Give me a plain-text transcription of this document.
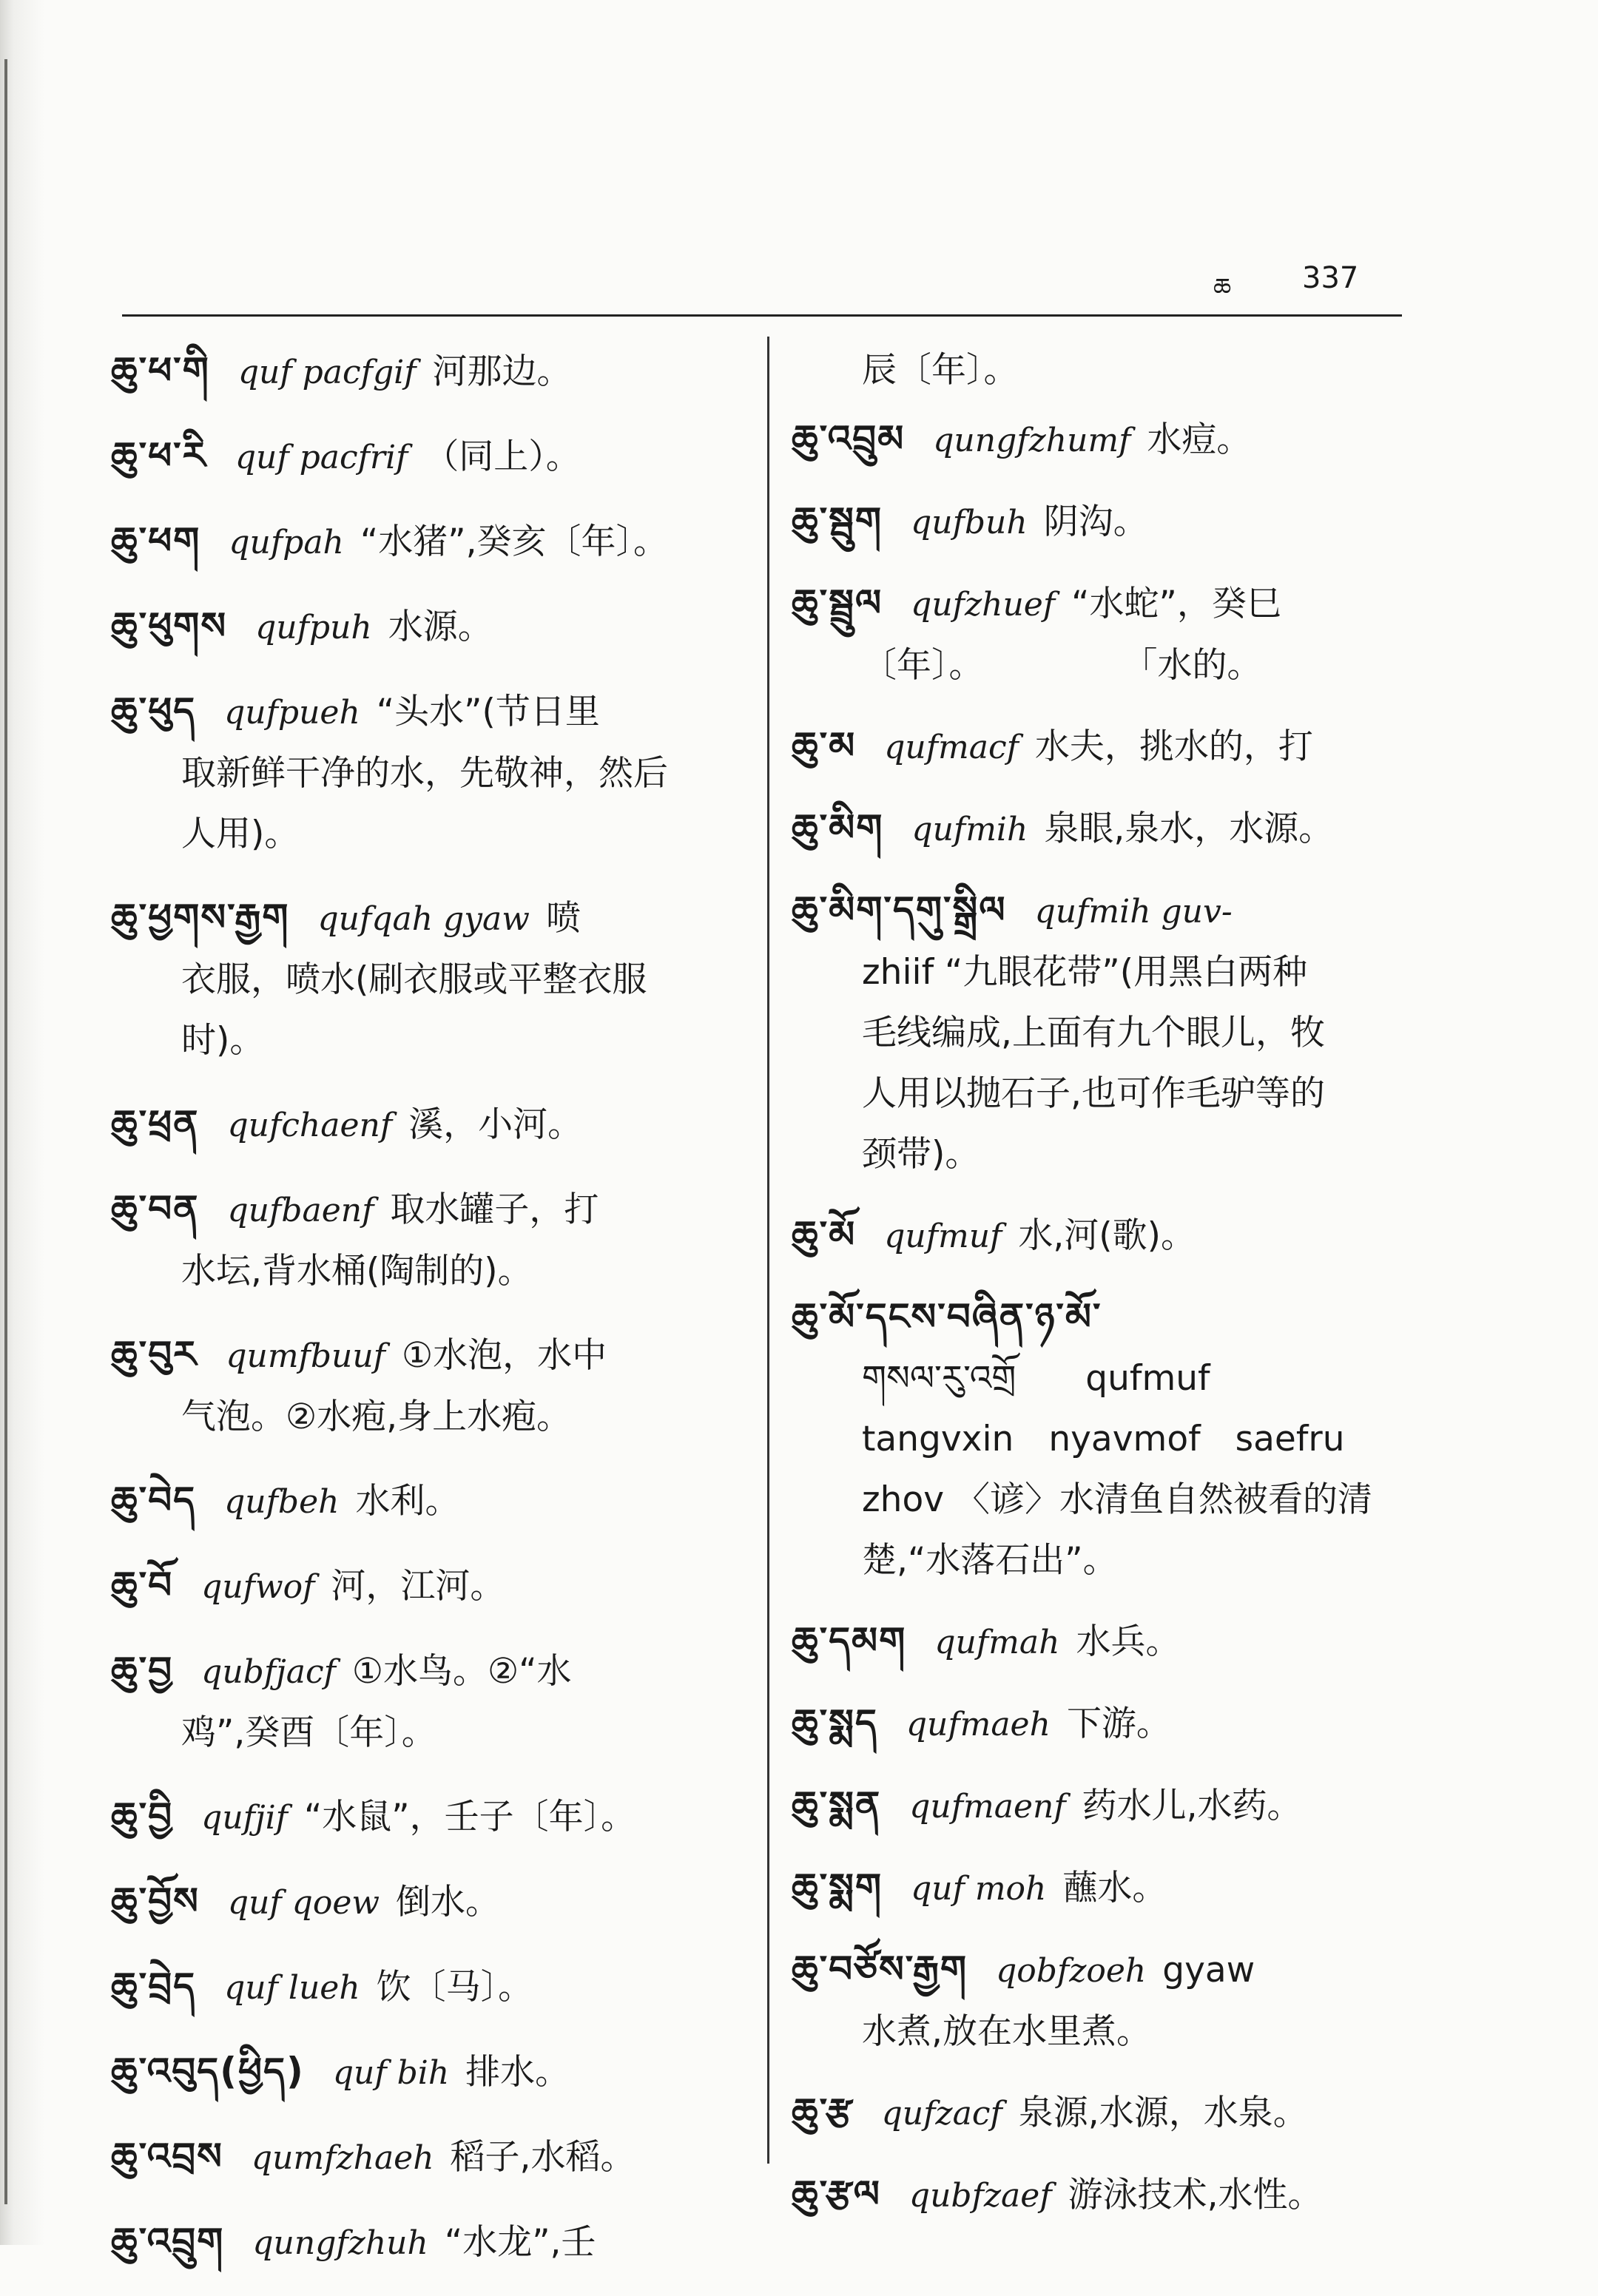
ཆ 337
ཆུ་ཕ་གི quf pacfgif 河那边。
ཆུ་ཕ་རི quf pacfrif （同上）。
ཆུ་ཕག qufpah “水猪”,癸亥〔年〕。
ཆུ་ཕུགས qufpuh 水源。
ཆུ་ཕུད qufpueh “头水”(节日里
取新鲜干净的水，先敬神，然后
人用)。
ཆུ་ཕྱགས་རྒྱག qufqah gyaw 喷
衣服，喷水(刷衣服或平整衣服
时)。
ཆུ་ཕྲན qufchaenf 溪，小河。
ཆུ་བན qufbaenf 取水罐子，打
水坛,背水桶(陶制的)。
ཆུ་བུར qumfbuuf ①水泡，水中
气泡。②水疱,身上水疱。
ཆུ་བེད qufbeh 水利。
ཆུ་བོ qufwof 河，江河。
ཆུ་བྱ qubfjacf ①水鸟。②“水
鸡”,癸酉〔年〕。
ཆུ་བྱི qufjif “水鼠”，壬子〔年〕。
ཆུ་བྱོས quf qoew 倒水。
ཆུ་བྲེད quf lueh 饮〔马〕。
ཆུ་འབུད(ཕྱིད) quf bih 排水。
ཆུ་འབྲས qumfzhaeh 稻子,水稻。
ཆུ་འབྲུག qungfzhuh “水龙”,壬
辰〔年〕。
ཆུ་འབྲུམ qungfzhumf 水痘。
ཆུ་སྦུག qufbuh 阴沟。
ཆུ་སྦྲུལ qufzhuef “水蛇”，癸巳
〔年〕。　　　　　「水的。
ཆུ་མ qufmacf 水夫，挑水的，打
ཆུ་མིག qufmih 泉眼,泉水，水源。
ཆུ་མིག་དགུ་སྒྲིལ qufmih guv-
zhiif “九眼花带”(用黑白两种
毛线编成,上面有九个眼儿，牧
人用以抛石子,也可作毛驴等的
颈带)。
ཆུ་མོ qufmuf 水,河(歌)。
ཆུ་མོ་དངས་བཞིན་ཉ་མོ་
གསལ་རུ་འགྲོ　　qufmuf
tangvxin　nyavmof　saefru
zhov 〈谚〉水清鱼自然被看的清
楚,“水落石出”。
ཆུ་དམག qufmah 水兵。
ཆུ་སྨད qufmaeh 下游。
ཆུ་སྨན qufmaenf 药水儿,水药。
ཆུ་སྨག quf moh 蘸水。
ཆུ་བཙོས་རྒྱག qobfzoeh gyaw
水煮,放在水里煮。
ཆུ་རྩ qufzacf 泉源,水源，水泉。
ཆུ་རྩལ qubfzaef 游泳技术,水性。
